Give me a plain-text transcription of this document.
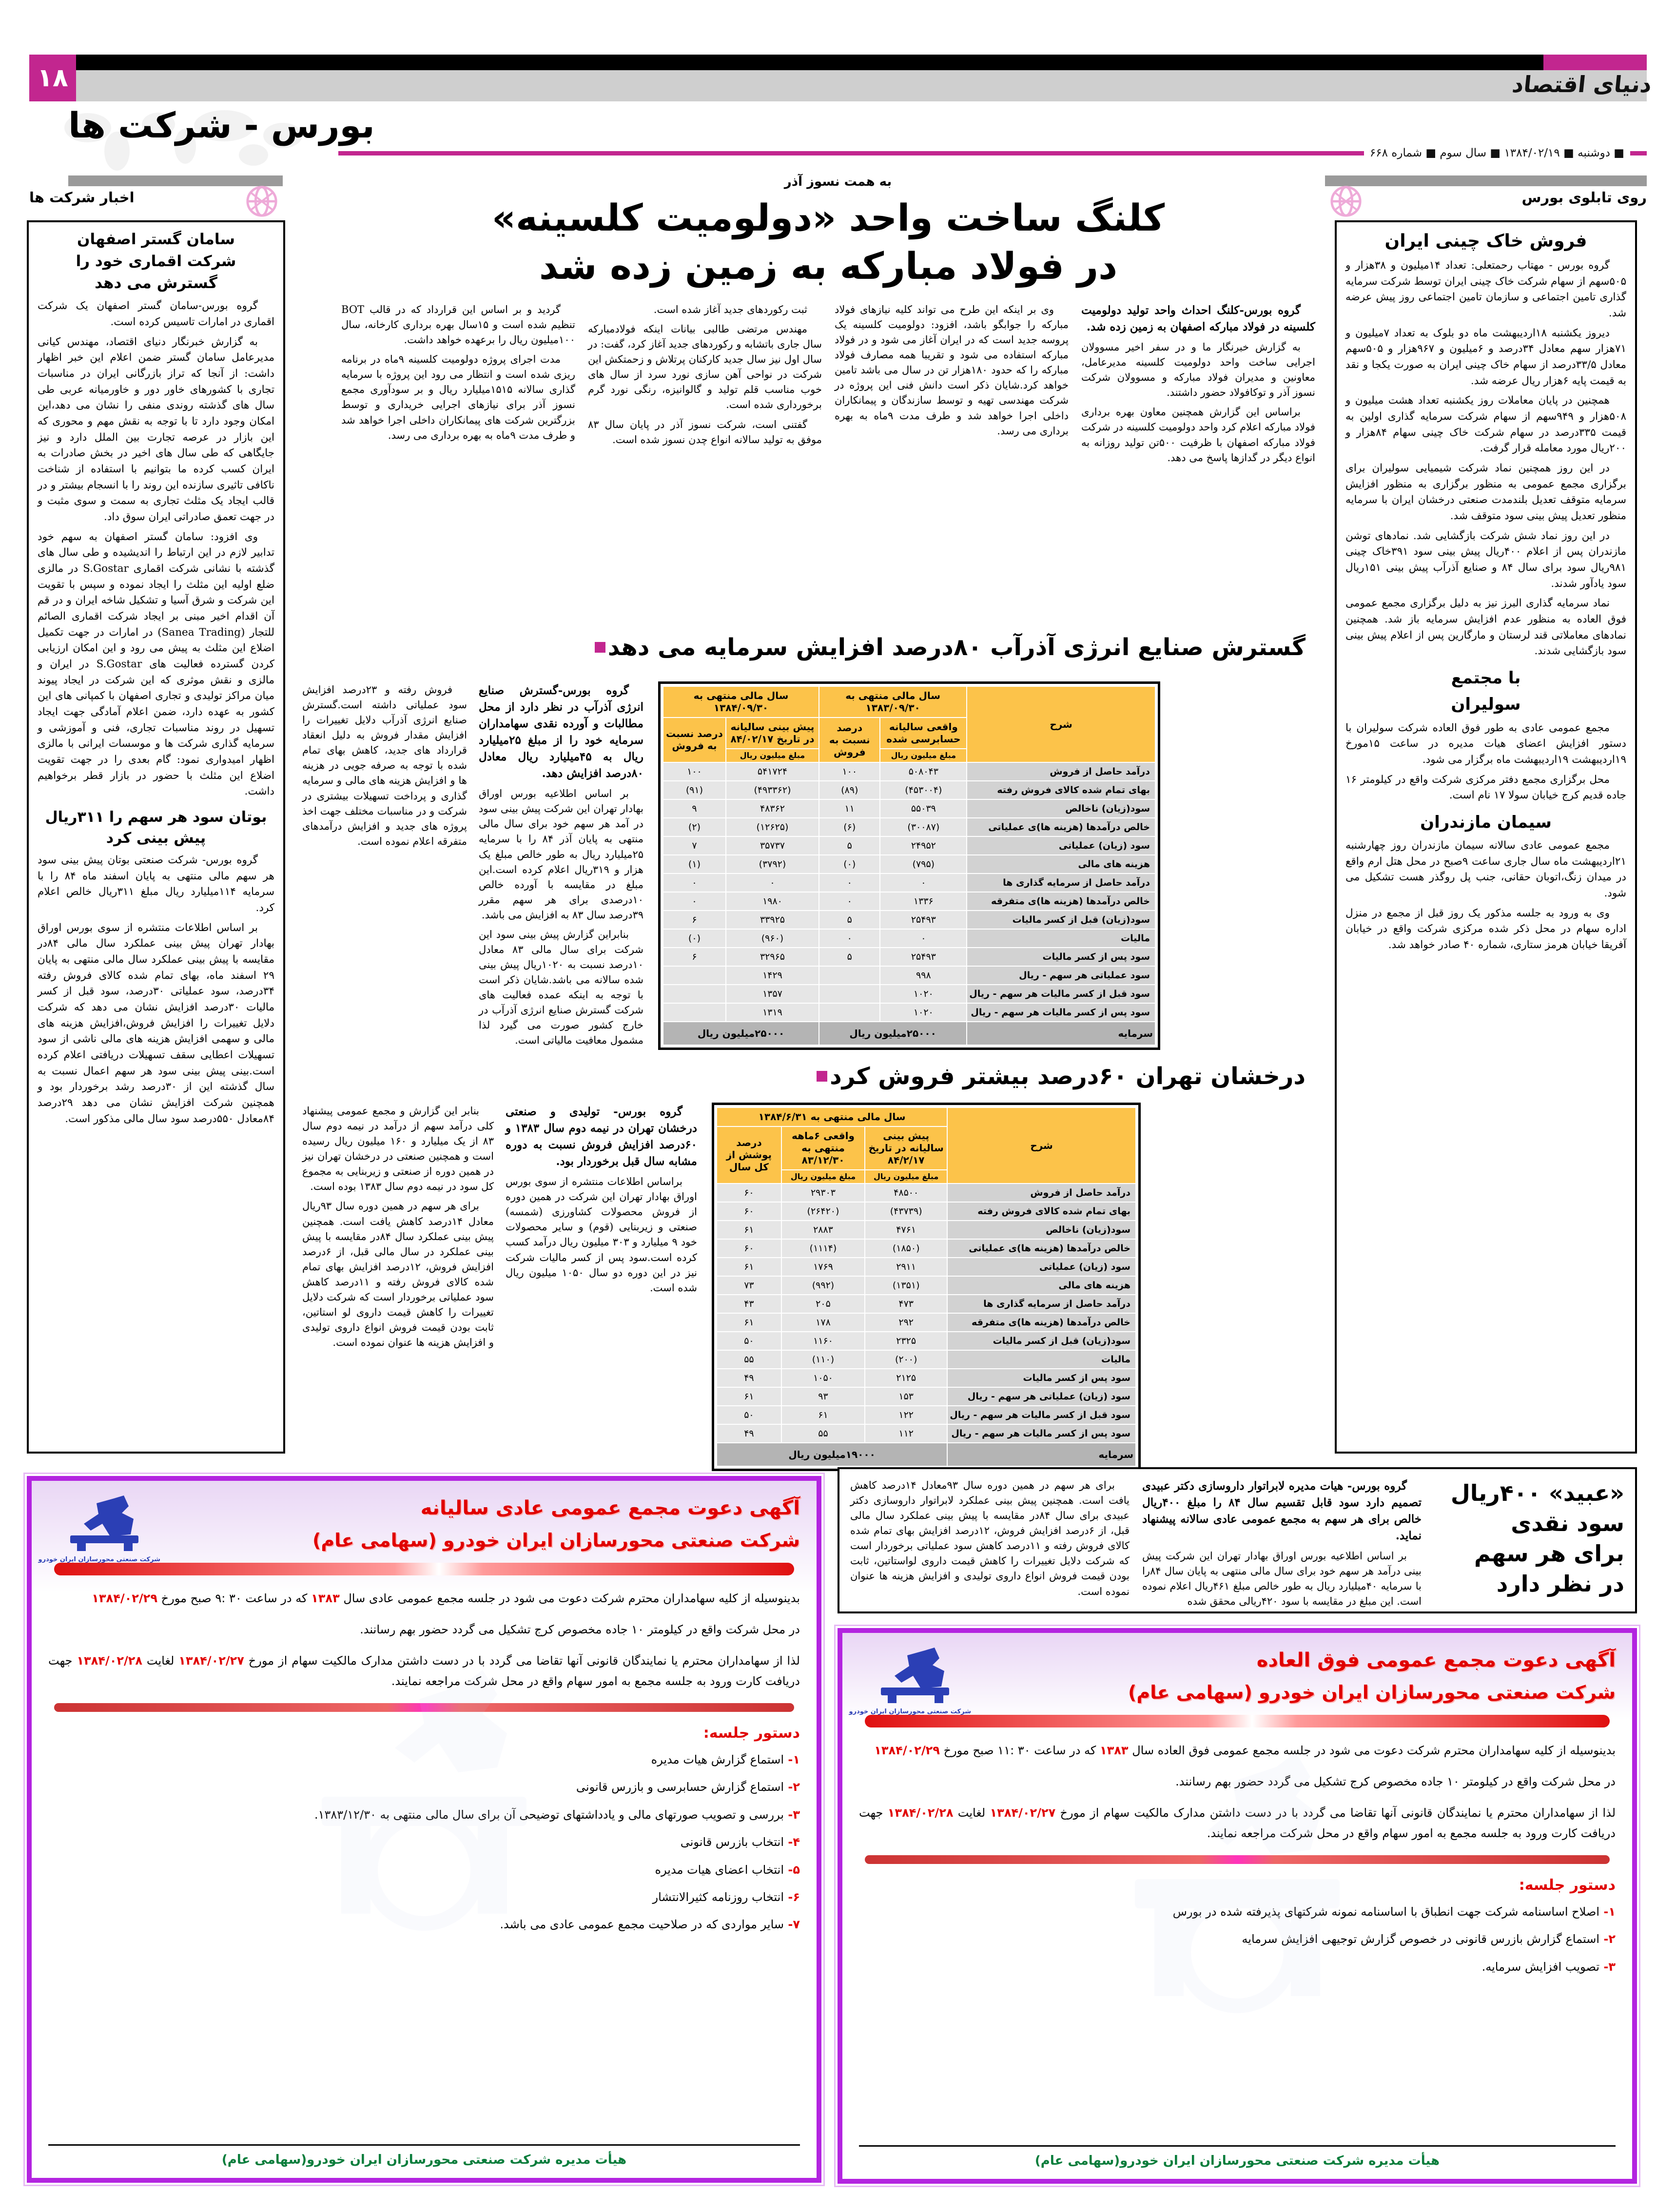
۱۸	دنیای اقتصاد
بورس - شرکت ها
■ دوشنبه ■ ۱۳۸۴/۰۲/۱۹ ■ سال سوم ■ شماره ۶۶۸
روی تابلوی بورس
فروش خاک چینی ایران

گروه بورس - مهتاب رحمتعلی: تعداد ۱۴میلیون و ۳۸هزار و ۵۰۵سهم از سهام شرکت خاک چینی ایران توسط شرکت سرمایه گذاری تامین اجتماعی و سازمان تامین اجتماعی روز پیش عرضه شد.

دیروز یکشنبه ۱۸اردیبهشت ماه دو بلوک به تعداد ۷میلیون و ۷۱هزار سهم معادل ۳۴درصد و ۶میلیون و ۹۶۷هزار و ۵۰۵سهم معادل ۳۳/۵درصد از سهام خاک چینی ایران به صورت یکجا و نقد به قیمت پایه ۶هزار ریال عرضه شد.

همچنین در پایان معاملات روز یکشنبه تعداد هشت میلیون و ۵۰۸هزار و ۹۴۹سهم از سهام شرکت سرمایه گذاری اولین به قیمت ۳۳۵درصد در سهام شرکت خاک چینی سهام ۸۴هزار و ۲۰۰ریال مورد معامله قرار گرفت.

در این روز همچنین نماد شرکت شیمیایی سولیران برای برگزاری مجمع عمومی به منظور برگزاری به منظور افزایش سرمایه متوقف تعدیل بلندمدت صنعتی درخشان ایران با سرمایه منظور تعدیل پیش بینی سود متوقف شد.

در این روز نماد شش شرکت بازگشایی شد. نمادهای توشن مازندران پس از اعلام ۴۰۰ریال پیش بینی سود ۳۹۱خاک چینی ۹۸۱ریال سود برای سال ۸۴ و صنایع آذرآب پیش بینی ۱۵۱ریال سود یادآور شدند.

نماد سرمایه گذاری البرز نیز به دلیل برگزاری مجمع عمومی فوق العاده به منظور عدم افزایش سرمایه باز شد. همچنین نمادهای معاملاتی قند لرستان و مارگارین پس از اعلام پیش بینی سود بازگشایی شدند.

با مجتمع
سولیران

مجمع عمومی عادی به طور فوق العاده شرکت سولیران با دستور افزایش اعضای هیات مدیره در ساعت ۱۵مورخ ۱۹اردیبهشت ۱۹اردیبهشت ماه برگزار می شود.

محل برگزاری مجمع دفتر مرکزی شرکت واقع در کیلومتر ۱۶ جاده قدیم کرج خیابان سولا ۱۷ نام است.

سیمان مازندران

مجمع عمومی عادی سالانه سیمان مازندران روز چهارشنبه ۲۱اردیبهشت ماه سال جاری ساعت ۹صبح در محل هتل ارم واقع در میدان زنگ،اتوبان حقانی، جنب پل روگذر هست تشکیل می شود.

وی به ورود به جلسه مذکور یک روز قبل از مجمع در منزل اداره سهام در محل ذکر شده مرکزی شرکت واقع در خیابان آفریقا خیابان هرمز ستاری، شماره ۴۰ صادر خواهد شد.

اخبار شرکت ها
سامان گستر اصفهان
شرکت اقماری خود را
گسترش می دهد

گروه بورس-سامان گستر اصفهان یک شرکت اقماری در امارات تاسیس کرده است.

به گزارش خبرنگار دنیای اقتصاد، مهندس کیانی مدیرعامل سامان گستر ضمن اعلام این خبر اظهار داشت: از آنجا که تراز بازرگانی ایران در مناسبات تجاری با کشورهای خاور دور و خاورمیانه عربی طی سال های گذشته روندی منفی را نشان می دهد،این امکان وجود دارد تا با توجه به نقش مهم و محوری که این بازار در عرصه تجارت بین الملل دارد و نیز جایگاهی که طی سال های اخیر در بخش صادرات به ایران کسب کرده ما بتوانیم با استفاده از شناخت ناکافی تاثیری سازنده این روند را با انسجام بیشتر و در قالب ایجاد یک مثلث تجاری به سمت و سوی مثبت و در جهت تعمق صادراتی ایران سوق داد.

وی افزود: سامان گستر اصفهان به سهم خود تدابیر لازم در این ارتباط را اندیشیده و طی سال های گذشته با نشانی شرکت اقماری S.Gostar در مالزی ضلع اولیه این مثلث را ایجاد نموده و سپس با تقویت این شرکت و شرق آسیا و تشکیل شاخه ایران و در قم آن اقدام اخیر مبنی بر ایجاد شرکت اقماری الصائم للتجار (Sanea Trading) در امارات در جهت تکمیل اضلاع این مثلث به پیش می رود و این امکان ارزیابی کردن گسترده فعالیت های S.Gostar در ایران و مالزی و نقش موثری که این شرکت در ایجاد پیوند میان مراکز تولیدی و تجاری اصفهان با کمپانی های این کشور به عهده دارد، ضمن اعلام آمادگی جهت ایجاد تسهیل در روند مناسبات تجاری، فنی و آموزشی و سرمایه گذاری شرکت ها و موسسات ایرانی با مالزی اظهار امیدواری نمود: گام بعدی را در جهت تقویت اضلاع این مثلث با حضور در بازار قطر برخواهیم داشت.

بوتان سود هر سهم را ۳۱۱ریال
پیش بینی کرد

گروه بورس- شرکت صنعتی بوتان پیش بینی سود هر سهم مالی منتهی به پایان اسفند ماه ۸۴ را با سرمایه ۱۱۴میلیارد ریال مبلغ ۳۱۱ریال خالص اعلام کرد.

بر اساس اطلاعات منتشره از سوی بورس اوراق بهادار تهران پیش بینی عملکرد سال مالی ۸۴در مقایسه با پیش بینی عملکرد سال مالی منتهی به پایان ۲۹ اسفند ماه، بهای تمام شده کالای فروش رفته ۳۴درصد، سود عملیاتی ۳۰درصد، سود قبل از کسر مالیات ۳۰درصد افزایش نشان می دهد که شرکت دلایل تغییرات را افزایش فروش،افزایش هزینه های مالی و سهمی افزایش هزینه های مالی ناشی از سود تسهیلات اعطایی سقف تسهیلات دریافتی اعلام کرده است.بینی پیش بینی سود هر سهم اعمال نسبت به سال گذشته این از ۳۰درصد رشد برخوردار بود و همچنین شرکت افزایش نشان می دهد ۲۹درصد ۸۴معادل ۵۵۰درصد سود سال مالی مذکور است.

به همت نسوز آذر
کلنگ ساخت واحد «دولومیت کلسینه»
در فولاد مبارکه به زمین زده شد

گروه بورس-کلنگ احداث واحد تولید دولومیت کلسینه در فولاد مبارکه اصفهان به زمین زده شد.

به گزارش خبرنگار ما و در سفر اخیر مسوولان اجرایی ساخت واحد دولومیت کلسینه مدیرعامل، معاونین و مدیران فولاد مبارکه و مسوولان شرکت نسوز آذر و توکافولاد حضور داشتند.

براساس این گزارش همچنین معاون بهره برداری فولاد مبارکه اعلام کرد واحد دولومیت کلسینه در شرکت فولاد مبارکه اصفهان با ظرفیت ۵۰۰تن تولید روزانه به انواع دیگر در گدازها پاسخ می دهد.

وی بر اینکه این طرح می تواند کلیه نیازهای فولاد مبارکه را جوابگو باشد، افزود: دولومیت کلسینه یک پروسه جدید است که در ایران آغاز می شود و در فولاد مبارکه استفاده می شود و تقریبا همه مصارف فولاد مبارکه را که حدود ۱۸۰هزار تن در سال می باشد تامین خواهد کرد.شایان ذکر است دانش فنی این پروژه در شرکت مهندسی تهیه و توسط سازندگان و پیمانکاران داخلی اجرا خواهد شد و طرف مدت ۹ماه به بهره برداری می رسد.

ثبت رکوردهای جدید آغاز شده است.

مهندس مرتضی طالبی بیانات اینکه فولادمبارکه سال جاری باتشابه و رکوردهای جدید آغاز کرد، گفت: در سال اول نیز سال جدید کارکنان پرتلاش و زحمتکش این شرکت در نواحی آهن سازی نورد سرد از سال های خوب مناسب قلم تولید و گالوانیزه، رنگی نورد گرم برخورداری شده است.

گفتنی است، شرکت نسوز آذر در پایان سال ۸۳ موفق به تولید سالانه انواع چدن نسوز شده است.

گردید و بر اساس این قرارداد که در قالب BOT تنظیم شده است و ۱۵سال بهره برداری کارخانه، سال ۱۰۰میلیون ریال را برعهده خواهد داشت.

مدت اجرای پروژه دولومیت کلسینه ۹ماه در برنامه ریزی شده است و انتظار می رود این پروژه با سرمایه گذاری سالانه ۱۵۱۵میلیارد ریال و بر سودآوری مجمع نسوز آذر برای نیازهای اجرایی خریداری و توسط بزرگترین شرکت های پیمانکاران داخلی اجرا خواهد شد و طرف مدت ۹ماه به بهره برداری می رسد.

گسترش صنایع انرژی آذرآب ۸۰درصد افزایش سرمایه می دهد
شرح	سال مالی منتهی به ۱۳۸۳/۰۹/۳۰		سال مالی منتهی به ۱۳۸۴/۰۹/۳۰	
	واقعی سالیانه حسابرسی شده	درصد نسبت به فروش	پیش بینی سالیانه در تاریخ ۸۴/۰۲/۱۷	درصد نسبت به فروش
	مبلغ میلیون ریال		مبلغ میلیون ریال	
درآمد حاصل از فروش	۵۰۸۰۴۳	۱۰۰	۵۴۱۷۲۴	۱۰۰
بهای تمام شده کالای فروش رفته	(۴۵۳۰۰۴)	(۸۹)	(۴۹۳۳۶۲)	(۹۱)
سود(زیان) ناخالص	۵۵۰۳۹	۱۱	۴۸۳۶۲	۹
خالص درآمدها (هزینه ها)ی عملیاتی	(۳۰۰۸۷)	(۶)	(۱۲۶۲۵)	(۲)
سود (زیان) عملیاتی	۲۴۹۵۲	۵	۳۵۷۳۷	۷
هزینه های مالی	(۷۹۵)	(۰)	(۳۷۹۲)	(۱)
درآمد حاصل از سرمایه گذاری ها	۰	۰	۰	۰
خالص درآمدها (هزینه ها)ی متفرقه	۱۳۳۶	۰	۱۹۸۰	۰
سود(زیان) قبل از کسر مالیات	۲۵۴۹۳	۵	۳۳۹۲۵	۶
مالیات	۰	۰	(۹۶۰)	(۰)
سود پس از کسر مالیات	۲۵۴۹۳	۵	۳۲۹۶۵	۶
سود عملیاتی هر سهم - ریال	۹۹۸		۱۴۲۹	
سود قبل از کسر مالیات هر سهم - ریال	۱۰۲۰		۱۳۵۷	
سود پس از کسر مالیات هر سهم - ریال	۱۰۲۰		۱۳۱۹	
سرمایه	۲۵۰۰۰میلیون ریال		۲۵۰۰۰میلیون ریال	
درخشان تهران ۶۰درصد بیشتر فروش کرد
شرح	سال مالی منتهی به ۱۳۸۴/۶/۳۱		
	پیش بینی سالیانه در تاریخ ۸۴/۲/۱۷	واقعی ۶ماهه منتهی به ۸۳/۱۲/۳۰	درصد پوشش از کل سال
	مبلغ میلیون ریال	مبلغ میلیون ریال	
درآمد حاصل از فروش	۴۸۵۰۰	۲۹۳۰۳	۶۰
بهای تمام شده کالای فروش رفته	(۴۳۷۳۹)	(۲۶۴۲۰)	۶۰
سود(زیان) ناخالص	۴۷۶۱	۲۸۸۳	۶۱
خالص درآمدها (هزینه ها)ی عملیاتی	(۱۸۵۰)	(۱۱۱۴)	۶۰
سود (زیان) عملیاتی	۲۹۱۱	۱۷۶۹	۶۱
هزینه های مالی	(۱۳۵۱)	(۹۹۲)	۷۳
درآمد حاصل از سرمایه گذاری ها	۴۷۳	۲۰۵	۴۳
خالص درآمدها (هزینه ها)ی متفرقه	۲۹۲	۱۷۸	۶۱
سود(زیان) قبل از کسر مالیات	۲۳۲۵	۱۱۶۰	۵۰
مالیات	(۲۰۰)	(۱۱۰)	۵۵
سود پس از کسر مالیات	۲۱۲۵	۱۰۵۰	۴۹
سود (زیان) عملیاتی هر سهم - ریال	۱۵۳	۹۳	۶۱
سود قبل از کسر مالیات هر سهم - ریال	۱۲۲	۶۱	۵۰
سود پس از کسر مالیات هر سهم - ریال	۱۱۲	۵۵	۴۹
سرمایه	۱۹۰۰۰میلیون ریال		

گروه بورس-گسترش صنایع انرژی آذرآب در نظر دارد از محل مطالبات و آورده نقدی سهامداران سرمایه خود را از مبلغ ۲۵میلیارد ریال به ۴۵میلیارد ریال معادل ۸۰درصد افزایش دهد.

بر اساس اطلاعیه بورس اوراق بهادار تهران این شرکت پیش بینی سود در آمد هر سهم خود برای سال مالی منتهی به پایان آذر ۸۴ را با سرمایه ۲۵میلیارد ریال به طور خالص مبلغ یک هزار و ۳۱۹ریال اعلام کرده است.این مبلغ در مقایسه با آورده خالص ۱۰درصدی برای هر سهم مقرر ۳۹درصد سال ۸۳ به افزایش می باشد.

بنابراین گزارش پیش بینی سود این شرکت برای سال مالی ۸۳ معادل ۱۰درصد نسبت به ۱۰۲۰ریال پیش بینی شده سالانه می باشد.شایان ذکر است با توجه به اینکه عمده فعالیت های شرکت گسترش صنایع انرژی آذرآب در خارج کشور صورت می گیرد لذا مشمول معافیت مالیاتی است.

فروش رفته و ۲۳درصد افزایش سود عملیاتی داشته است.گسترش صنایع انرژی آذرآب دلایل تغییرات را افزایش مقدار فروش به دلیل انعقاد قرارداد های جدید، کاهش بهای تمام شده با توجه به صرفه جویی در هزینه ها و افزایش هزینه های مالی و سرمایه گذاری و پرداخت تسهیلات بیشتری در شرکت و در مناسبات مختلف جهت اخذ پروژه های جدید و افزایش درآمدهای متفرقه اعلام نموده است.

گروه بورس- تولیدی و صنعتی درخشان تهران در نیمه دوم سال ۱۳۸۳ و ۶۰درصد افزایش فروش نسبت به دوره مشابه سال قبل برخوردار بود.

براساس اطلاعات منتشره از سوی بورس اوراق بهادار تهران این شرکت در همین دوره از فروش محصولات کشاورزی (شمسه) صنعتی و زیربنایی (قوم) و سایر محصولات خود ۹ میلیارد و ۳۰۳ میلیون ریال درآمد کسب کرده است.سود پس از کسر مالیات شرکت نیز در این دوره دو سال ۱۰۵۰ میلیون ریال شده است.

بنابر این گزارش و مجمع عمومی پیشنهاد کلی درآمد سهم از درآمد در نیمه دوم سال ۸۳ از یک میلیارد و ۱۶۰ میلیون ریال رسیده است و همچنین صنعتی در درخشان تهران نیز در همین دوره از صنعتی و زیربنایی به مجموع کل سود در نیمه دوم سال ۱۳۸۳ بوده است.

برای هر سهم در همین دوره سال ۹۳ریال معادل ۱۴درصد کاهش یافت است. همچنین پیش بینی عملکرد سال ۸۴در مقایسه با پیش بینی عملکرد در سال مالی قبل، از ۶درصد افزایش فروش، ۱۲درصد افزایش بهای تمام شده کالای فروش رفته و ۱۱درصد کاهش سود عملیاتی برخوردار است که شرکت دلایل تغییرات را کاهش قیمت داروی لو استاتین، ثابت بودن قیمت فروش انواع داروی تولیدی و افزایش هزینه ها عنوان نموده است.

«عبید» ۴۰۰ریال
سود نقدی
برای هر سهم
در نظر دارد

گروه بورس- هیات مدیره لابراتوار داروسازی دکتر عبیدی تصمیم دارد سود قابل تقسیم سال ۸۴ را مبلغ ۴۰۰ریال خالص برای هر سهم به مجمع عمومی عادی سالانه پیشنهاد نماید.

بر اساس اطلاعیه بورس اوراق بهادار تهران این شرکت پیش بینی درآمد هر سهم خود برای سال مالی منتهی به پایان سال ۸۴را با سرمایه ۴۰میلیارد ریال به طور خالص مبلغ ۴۶۱ریال اعلام نموده است. این مبلغ در مقایسه با سود ۴۲۰ریالی محقق شده

برای هر سهم در همین دوره سال ۹۳معادل ۱۴درصد کاهش یافت است. همچنین پیش بینی عملکرد لابراتوار داروسازی دکتر عبیدی برای سال ۸۴در مقایسه با پیش بینی عملکرد سال مالی قبل، از ۶درصد افزایش فروش، ۱۲درصد افزایش بهای تمام شده کالای فروش رفته و ۱۱درصد کاهش سود عملیاتی برخوردار است که شرکت دلایل تغییرات را کاهش قیمت داروی لواستاتین، ثابت بودن قیمت فروش انواع داروی تولیدی و افزایش هزینه ها عنوان نموده است.

شرکت صنعتی محورسازان ایران خودرو
آگهی دعوت مجمع عمومی عادی سالیانه
شرکت صنعتی محورسازان ایران خودرو (سهامی عام)
بدینوسیله از کلیه سهامداران محترم شرکت دعوت می شود در جلسه مجمع عمومی عادی سال ۱۳۸۳ که در ساعت ۳۰ :۹ صبح مورخ ۱۳۸۴/۰۲/۲۹
در محل شرکت واقع در کیلومتر ۱۰ جاده مخصوص کرج تشکیل می گردد حضور بهم رسانند.
لذا از سهامداران محترم یا نمایندگان قانونی آنها تقاضا می گردد با در دست داشتن مدارک مالکیت سهام از مورخ ۱۳۸۴/۰۲/۲۷ لغایت ۱۳۸۴/۰۲/۲۸ جهت دریافت کارت ورود به جلسه مجمع به امور سهام واقع در محل شرکت مراجعه نمایند.
دستور جلسه:
۱- استماع گزارش هیات مدیره
۲- استماع گزارش حسابرسی و بازرس قانونی
۳- بررسی و تصویب صورتهای مالی و یادداشتهای توضیحی آن برای سال مالی منتهی به ۱۳۸۳/۱۲/۳۰.
۴- انتخاب بازرس قانونی
۵- انتخاب اعضای هیات مدیره
۶- انتخاب روزنامه کثیرالانتشار
۷- سایر مواردی که در صلاحیت مجمع عمومی عادی می باشد.
هیأت مدیره شرکت صنعتی محورسازان ایران خودرو(سهامی عام)
شرکت صنعتی محورسازان ایران خودرو
آگهی دعوت مجمع عمومی فوق العاده
شرکت صنعتی محورسازان ایران خودرو (سهامی عام)
بدینوسیله از کلیه سهامداران محترم شرکت دعوت می شود در جلسه مجمع عمومی فوق العاده سال ۱۳۸۳ که در ساعت ۳۰ :۱۱ صبح مورخ ۱۳۸۴/۰۲/۲۹
در محل شرکت واقع در کیلومتر ۱۰ جاده مخصوص کرج تشکیل می گردد حضور بهم رسانند.
لذا از سهامداران محترم یا نمایندگان قانونی آنها تقاضا می گردد با در دست داشتن مدارک مالکیت سهام از مورخ ۱۳۸۴/۰۲/۲۷ لغایت ۱۳۸۴/۰۲/۲۸ جهت دریافت کارت ورود به جلسه مجمع به امور سهام واقع در محل شرکت مراجعه نمایند.
دستور جلسه:
۱- اصلاح اساسنامه شرکت جهت انطباق با اساسنامه نمونه شرکتهای پذیرفته شده در بورس
۲- استماع گزارش بازرس قانونی در خصوص گزارش توجیهی افزایش سرمایه
۳- تصویب افزایش سرمایه.
هیأت مدیره شرکت صنعتی محورسازان ایران خودرو(سهامی عام)
